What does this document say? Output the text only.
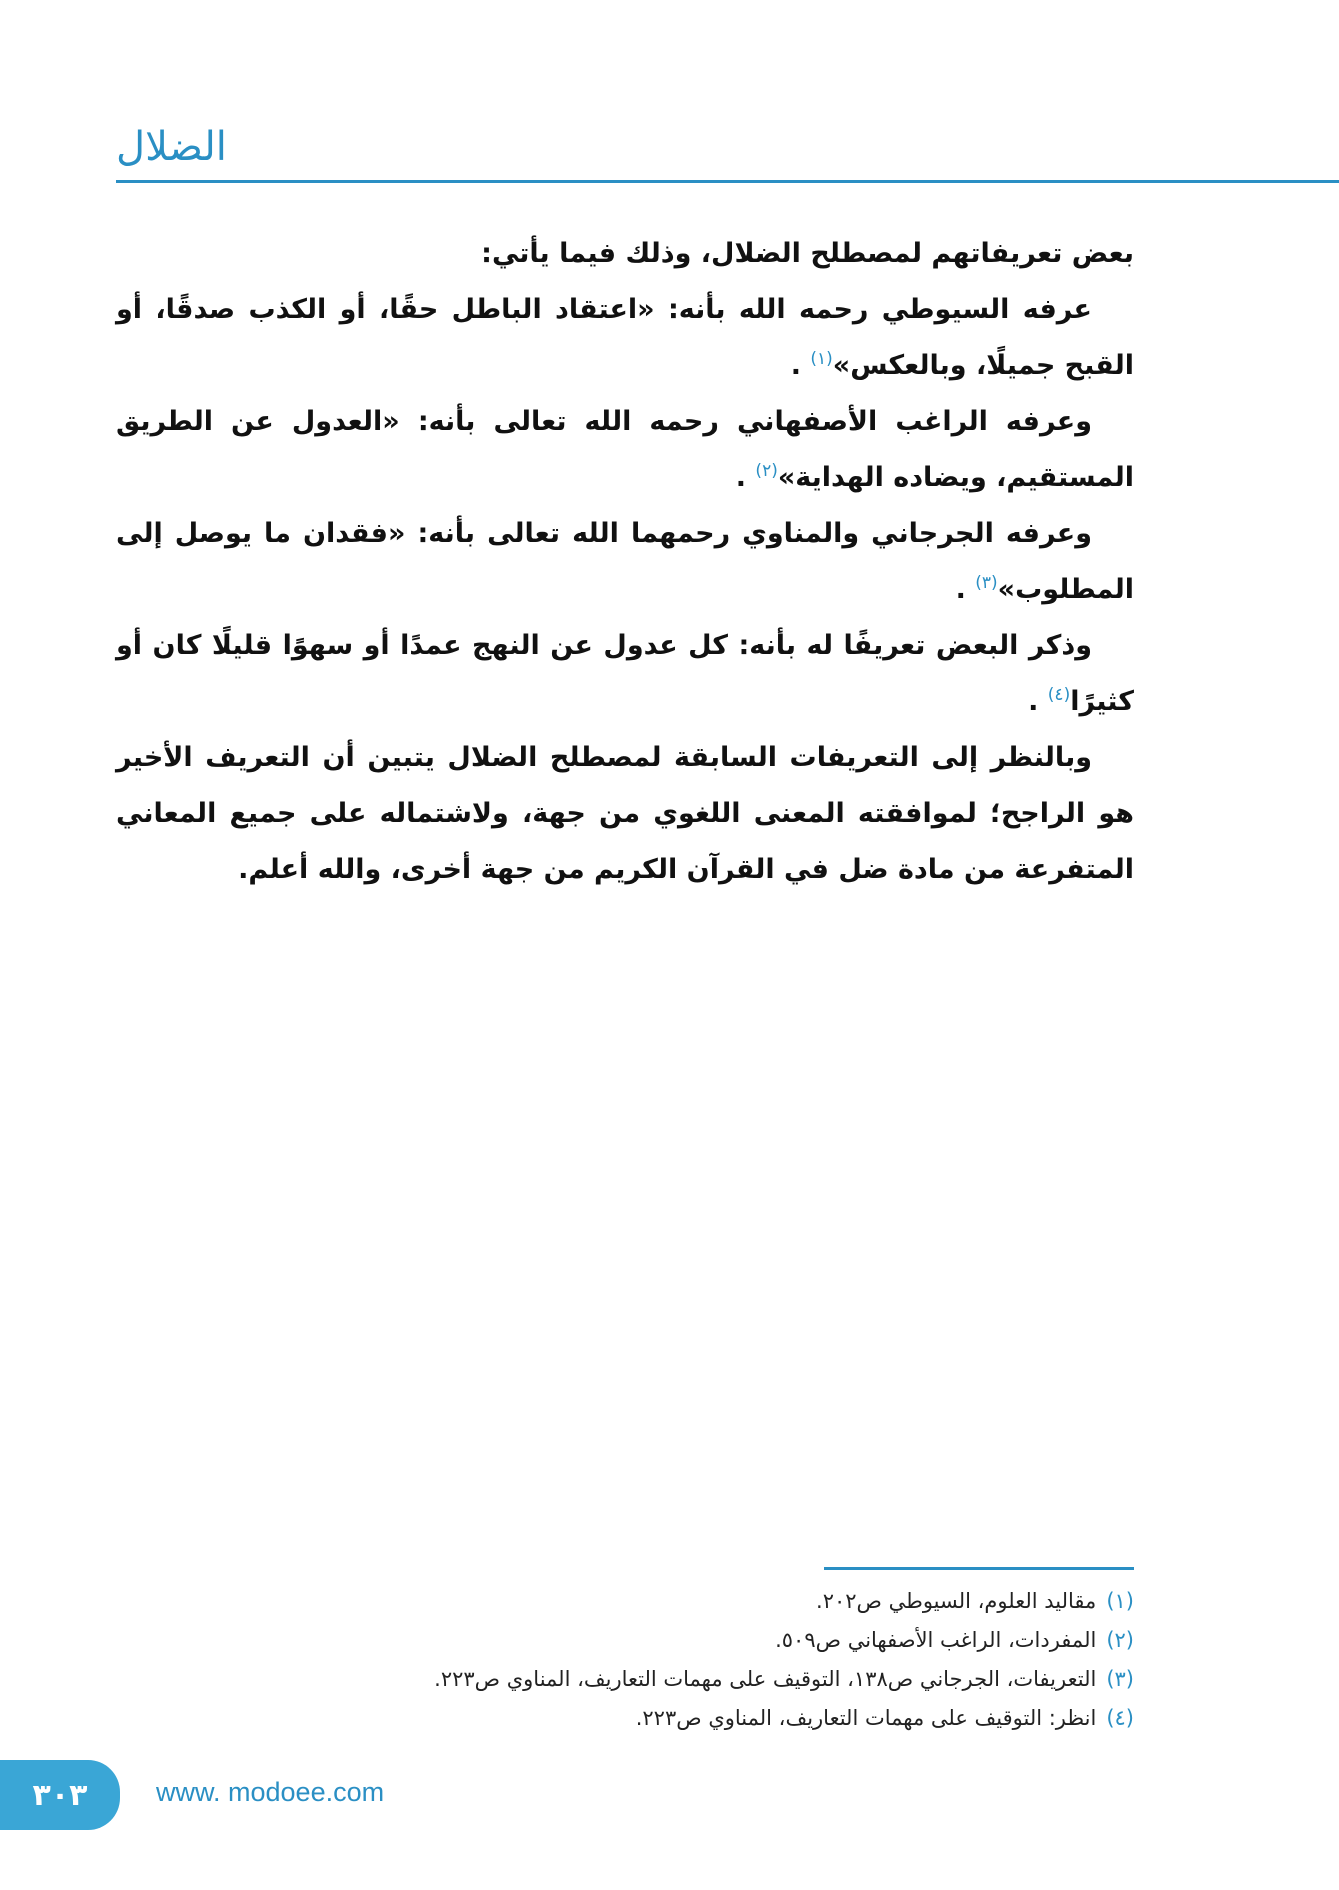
الضلال

بعض تعريفاتهم لمصطلح الضلال، وذلك فيما يأتي:

عرفه السيوطي رحمه الله بأنه: «اعتقاد الباطل حقًا، أو الكذب صدقًا، أو القبح جميلًا، وبالعكس»$^{(١)}$ .

وعرفه الراغب الأصفهاني رحمه الله تعالى بأنه: «العدول عن الطريق المستقيم، ويضاده الهداية»$^{(٢)}$ .

وعرفه الجرجاني والمناوي رحمهما الله تعالى بأنه: «فقدان ما يوصل إلى المطلوب»$^{(٣)}$ .

وذكر البعض تعريفًا له بأنه: كل عدول عن النهج عمدًا أو سهوًا قليلًا كان أو كثيرًا$^{(٤)}$ .

وبالنظر إلى التعريفات السابقة لمصطلح الضلال يتبين أن التعريف الأخير هو الراجح؛ لموافقته المعنى اللغوي من جهة، ولاشتماله على جميع المعاني المتفرعة من مادة ضل في القرآن الكريم من جهة أخرى، والله أعلم.

(١)مقاليد العلوم، السيوطي ص٢٠٢.
(٢)المفردات، الراغب الأصفهاني ص٥٠٩.
(٣)التعريفات، الجرجاني ص١٣٨، التوقيف على مهمات التعاريف، المناوي ص٢٢٣.
(٤)انظر: التوقيف على مهمات التعاريف، المناوي ص٢٢٣.
٣٠٣	www. modoee.com
